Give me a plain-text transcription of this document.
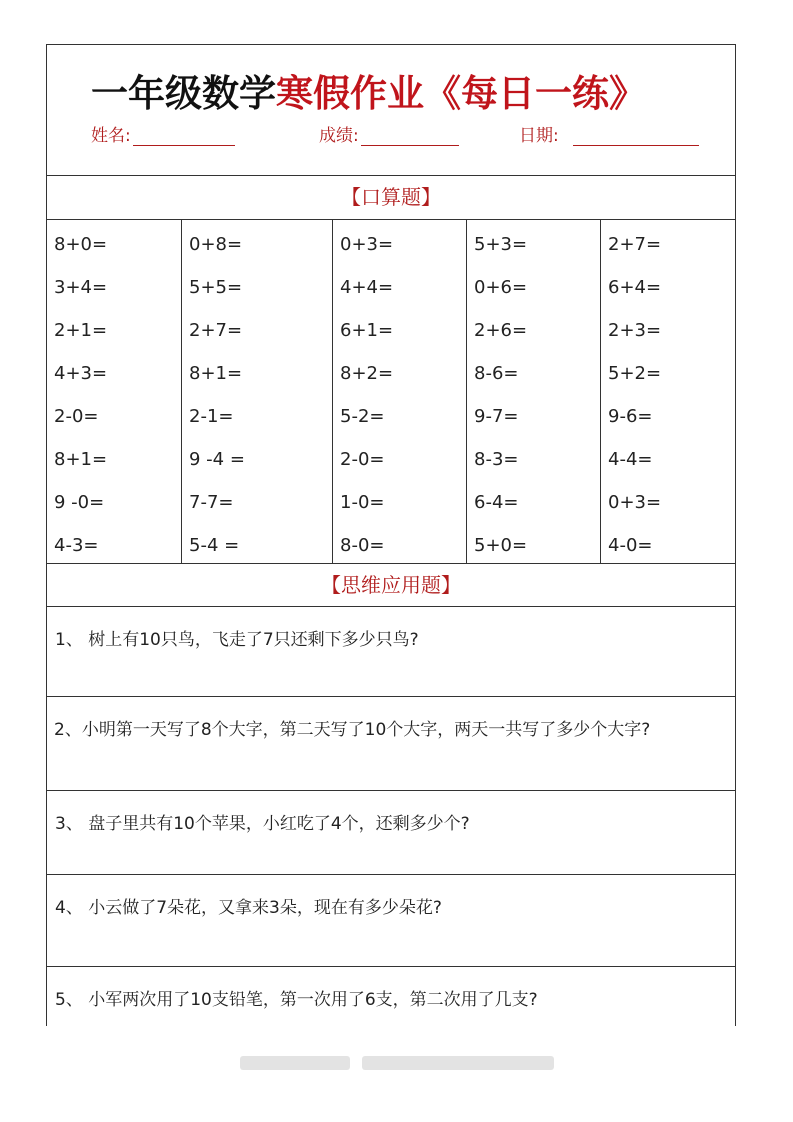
一年级数学寒假作业《每日一练》
姓名:	成绩:	日期:
【口算题】
8+0=
3+4=
2+1=
4+3=
2-0=
8+1=
9 -0=
4-3=
0+8=
5+5=
2+7=
8+1=
2-1=
9 -4 =
7-7=
5-4 =
0+3=
4+4=
6+1=
8+2=
5-2=
2-0=
1-0=
8-0=
5+3=
0+6=
2+6=
8-6=
9-7=
8-3=
6-4=
5+0=
2+7=
6+4=
2+3=
5+2=
9-6=
4-4=
0+3=
4-0=
【思维应用题】
1、 树上有10只鸟，飞走了7只还剩下多少只鸟?
2、小明第一天写了8个大字，第二天写了10个大字，两天一共写了多少个大字?
3、 盘子里共有10个苹果，小红吃了4个，还剩多少个?
4、 小云做了7朵花，又拿来3朵，现在有多少朵花?
5、 小军两次用了10支铅笔，第一次用了6支，第二次用了几支?
